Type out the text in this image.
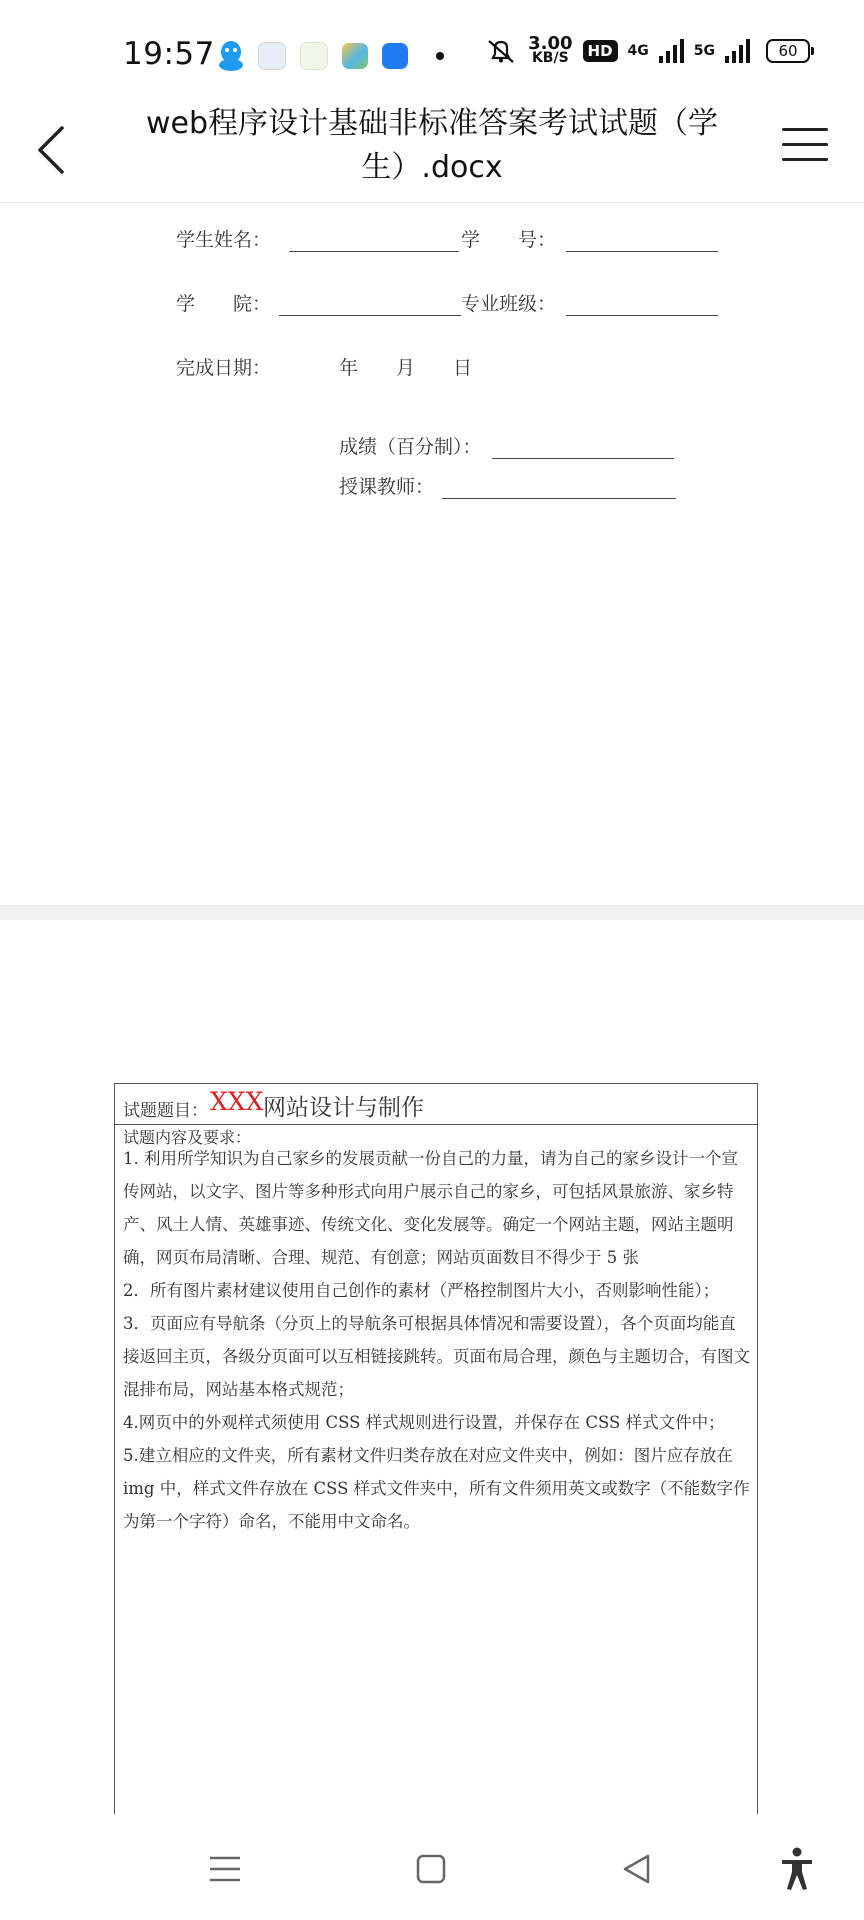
19:57	3.00
KB/S	HD	4G	5G	60
web程序设计基础非标准答案考试试题（学生）.docx
学生姓名：	学　　号：
学　　院：	专业班级：
完成日期：	年　　月　　日
成绩（百分制）：
授课教师：
试题题目： XXX 网站设计与制作
试题内容及要求：

1. 利用所学知识为自己家乡的发展贡献一份自己的力量，请为自己的家乡设计一个宣传网站，以文字、图片等多种形式向用户展示自己的家乡，可包括风景旅游、家乡特产、风土人情、英雄事迹、传统文化、变化发展等。确定一个网站主题，网站主题明确，网页布局清晰、合理、规范、有创意；网站页面数目不得少于 5 张

2．所有图片素材建议使用自己创作的素材（严格控制图片大小，否则影响性能）；

3．页面应有导航条（分页上的导航条可根据具体情况和需要设置），各个页面均能直接返回主页，各级分页面可以互相链接跳转。页面布局合理，颜色与主题切合，有图文混排布局，网站基本格式规范；

4.网页中的外观样式须使用 CSS 样式规则进行设置，并保存在 CSS 样式文件中；

5.建立相应的文件夹，所有素材文件归类存放在对应文件夹中，例如：图片应存放在 img 中，样式文件存放在 CSS 样式文件夹中，所有文件须用英文或数字（不能数字作为第一个字符）命名，不能用中文命名。
